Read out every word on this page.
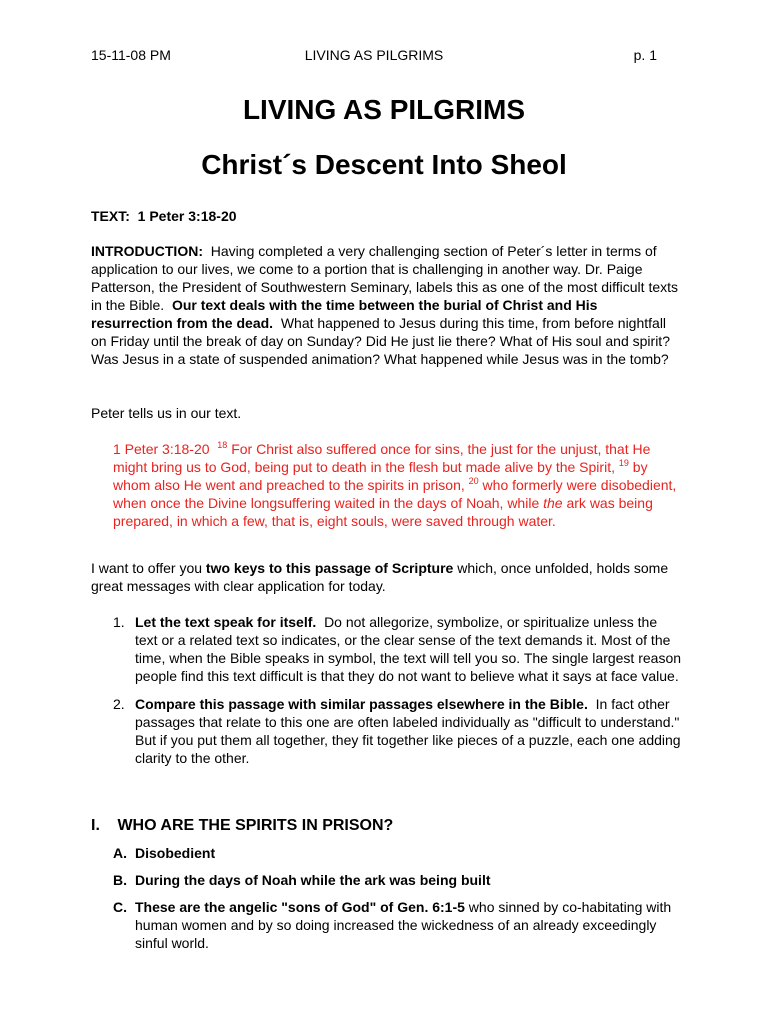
15-11-08 PM	LIVING AS PILGRIMS	p. 1
LIVING AS PILGRIMS
Christ´s Descent Into Sheol
TEXT: 1 Peter 3:18-20
INTRODUCTION: Having completed a very challenging section of Peter´s letter in terms of application to our lives, we come to a portion that is challenging in another way. Dr. Paige Patterson, the President of Southwestern Seminary, labels this as one of the most difficult texts in the Bible. Our text deals with the time between the burial of Christ and His resurrection from the dead. What happened to Jesus during this time, from before nightfall on Friday until the break of day on Sunday? Did He just lie there? What of His soul and spirit? Was Jesus in a state of suspended animation? What happened while Jesus was in the tomb?
Peter tells us in our text.
1 Peter 3:18-20 $^{18}$ For Christ also suffered once for sins, the just for the unjust, that He might bring us to God, being put to death in the flesh but made alive by the Spirit, $^{19}$ by whom also He went and preached to the spirits in prison, $^{20}$ who formerly were disobedient, when once the Divine longsuffering waited in the days of Noah, while the ark was being prepared, in which a few, that is, eight souls, were saved through water.
I want to offer you two keys to this passage of Scripture which, once unfolded, holds some great messages with clear application for today.
1. Let the text speak for itself. Do not allegorize, symbolize, or spiritualize unless the text or a related text so indicates, or the clear sense of the text demands it. Most of the time, when the Bible speaks in symbol, the text will tell you so. The single largest reason people find this text difficult is that they do not want to believe what it says at face value.
2. Compare this passage with similar passages elsewhere in the Bible. In fact other passages that relate to this one are often labeled individually as "difficult to understand." But if you put them all together, they fit together like pieces of a puzzle, each one adding clarity to the other.
I. WHO ARE THE SPIRITS IN PRISON?
A. Disobedient
B. During the days of Noah while the ark was being built
C. These are the angelic "sons of God" of Gen. 6:1-5 who sinned by co-habitating with human women and by so doing increased the wickedness of an already exceedingly sinful world.
